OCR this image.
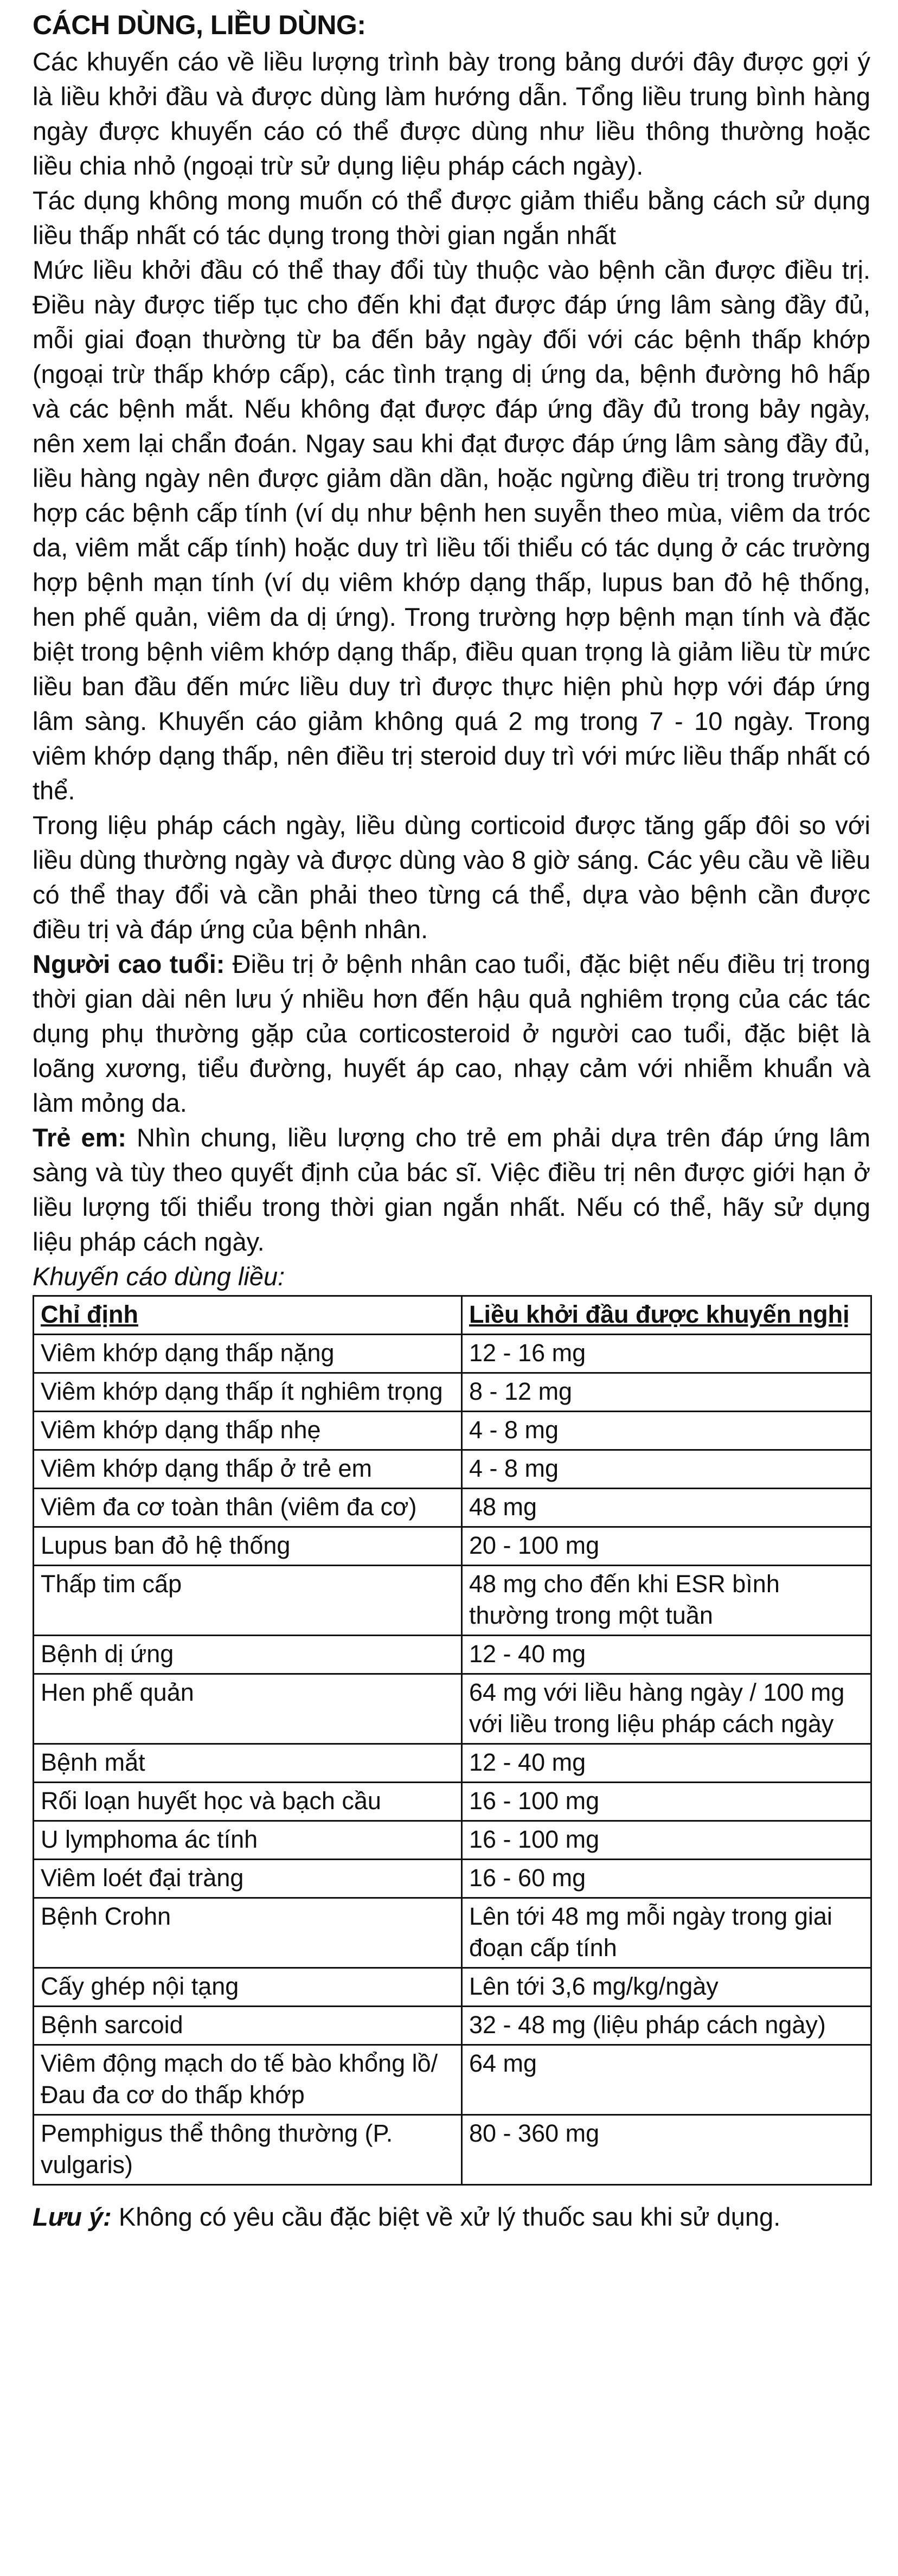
CÁCH DÙNG, LIỀU DÙNG:

Các khuyến cáo về liều lượng trình bày trong bảng dưới đây được gợi ý là liều khởi đầu và được dùng làm hướng dẫn. Tổng liều trung bình hàng ngày được khuyến cáo có thể được dùng như liều thông thường hoặc liều chia nhỏ (ngoại trừ sử dụng liệu pháp cách ngày).

Tác dụng không mong muốn có thể được giảm thiểu bằng cách sử dụng liều thấp nhất có tác dụng trong thời gian ngắn nhất

Mức liều khởi đầu có thể thay đổi tùy thuộc vào bệnh cần được điều trị. Điều này được tiếp tục cho đến khi đạt được đáp ứng lâm sàng đầy đủ, mỗi giai đoạn thường từ ba đến bảy ngày đối với các bệnh thấp khớp (ngoại trừ thấp khớp cấp), các tình trạng dị ứng da, bệnh đường hô hấp và các bệnh mắt. Nếu không đạt được đáp ứng đầy đủ trong bảy ngày, nên xem lại chẩn đoán. Ngay sau khi đạt được đáp ứng lâm sàng đầy đủ, liều hàng ngày nên được giảm dần dần, hoặc ngừng điều trị trong trường hợp các bệnh cấp tính (ví dụ như bệnh hen suyễn theo mùa, viêm da tróc da, viêm mắt cấp tính) hoặc duy trì liều tối thiểu có tác dụng ở các trường hợp bệnh mạn tính (ví dụ viêm khớp dạng thấp, lupus ban đỏ hệ thống, hen phế quản, viêm da dị ứng). Trong trường hợp bệnh mạn tính và đặc biệt trong bệnh viêm khớp dạng thấp, điều quan trọng là giảm liều từ mức liều ban đầu đến mức liều duy trì được thực hiện phù hợp với đáp ứng lâm sàng. Khuyến cáo giảm không quá 2 mg trong 7 - 10 ngày. Trong viêm khớp dạng thấp, nên điều trị steroid duy trì với mức liều thấp nhất có thể.

Trong liệu pháp cách ngày, liều dùng corticoid được tăng gấp đôi so với liều dùng thường ngày và được dùng vào 8 giờ sáng. Các yêu cầu về liều có thể thay đổi và cần phải theo từng cá thể, dựa vào bệnh cần được điều trị và đáp ứng của bệnh nhân.

Người cao tuổi: Điều trị ở bệnh nhân cao tuổi, đặc biệt nếu điều trị trong thời gian dài nên lưu ý nhiều hơn đến hậu quả nghiêm trọng của các tác dụng phụ thường gặp của corticosteroid ở người cao tuổi, đặc biệt là loãng xương, tiểu đường, huyết áp cao, nhạy cảm với nhiễm khuẩn và làm mỏng da.

Trẻ em: Nhìn chung, liều lượng cho trẻ em phải dựa trên đáp ứng lâm sàng và tùy theo quyết định của bác sĩ. Việc điều trị nên được giới hạn ở liều lượng tối thiểu trong thời gian ngắn nhất. Nếu có thể, hãy sử dụng liệu pháp cách ngày.

Khuyến cáo dùng liều:
Chỉ định	Liều khởi đầu được khuyến nghị
Viêm khớp dạng thấp nặng	12 - 16 mg
Viêm khớp dạng thấp ít nghiêm trọng	8 - 12 mg
Viêm khớp dạng thấp nhẹ	4 - 8 mg
Viêm khớp dạng thấp ở trẻ em	4 - 8 mg
Viêm đa cơ toàn thân (viêm đa cơ)	48 mg
Lupus ban đỏ hệ thống	20 - 100 mg
Thấp tim cấp	48 mg cho đến khi ESR bình thường trong một tuần
Bệnh dị ứng	12 - 40 mg
Hen phế quản	64 mg với liều hàng ngày / 100 mg với liều trong liệu pháp cách ngày
Bệnh mắt	12 - 40 mg
Rối loạn huyết học và bạch cầu	16 - 100 mg
U lymphoma ác tính	16 - 100 mg
Viêm loét đại tràng	16 - 60 mg
Bệnh Crohn	Lên tới 48 mg mỗi ngày trong giai đoạn cấp tính
Cấy ghép nội tạng	Lên tới 3,6 mg/kg/ngày
Bệnh sarcoid	32 - 48 mg (liệu pháp cách ngày)
Viêm động mạch do tế bào khổng lồ/ Đau đa cơ do thấp khớp	64 mg
Pemphigus thể thông thường (P. vulgaris)	80 - 360 mg

Lưu ý: Không có yêu cầu đặc biệt về xử lý thuốc sau khi sử dụng.
